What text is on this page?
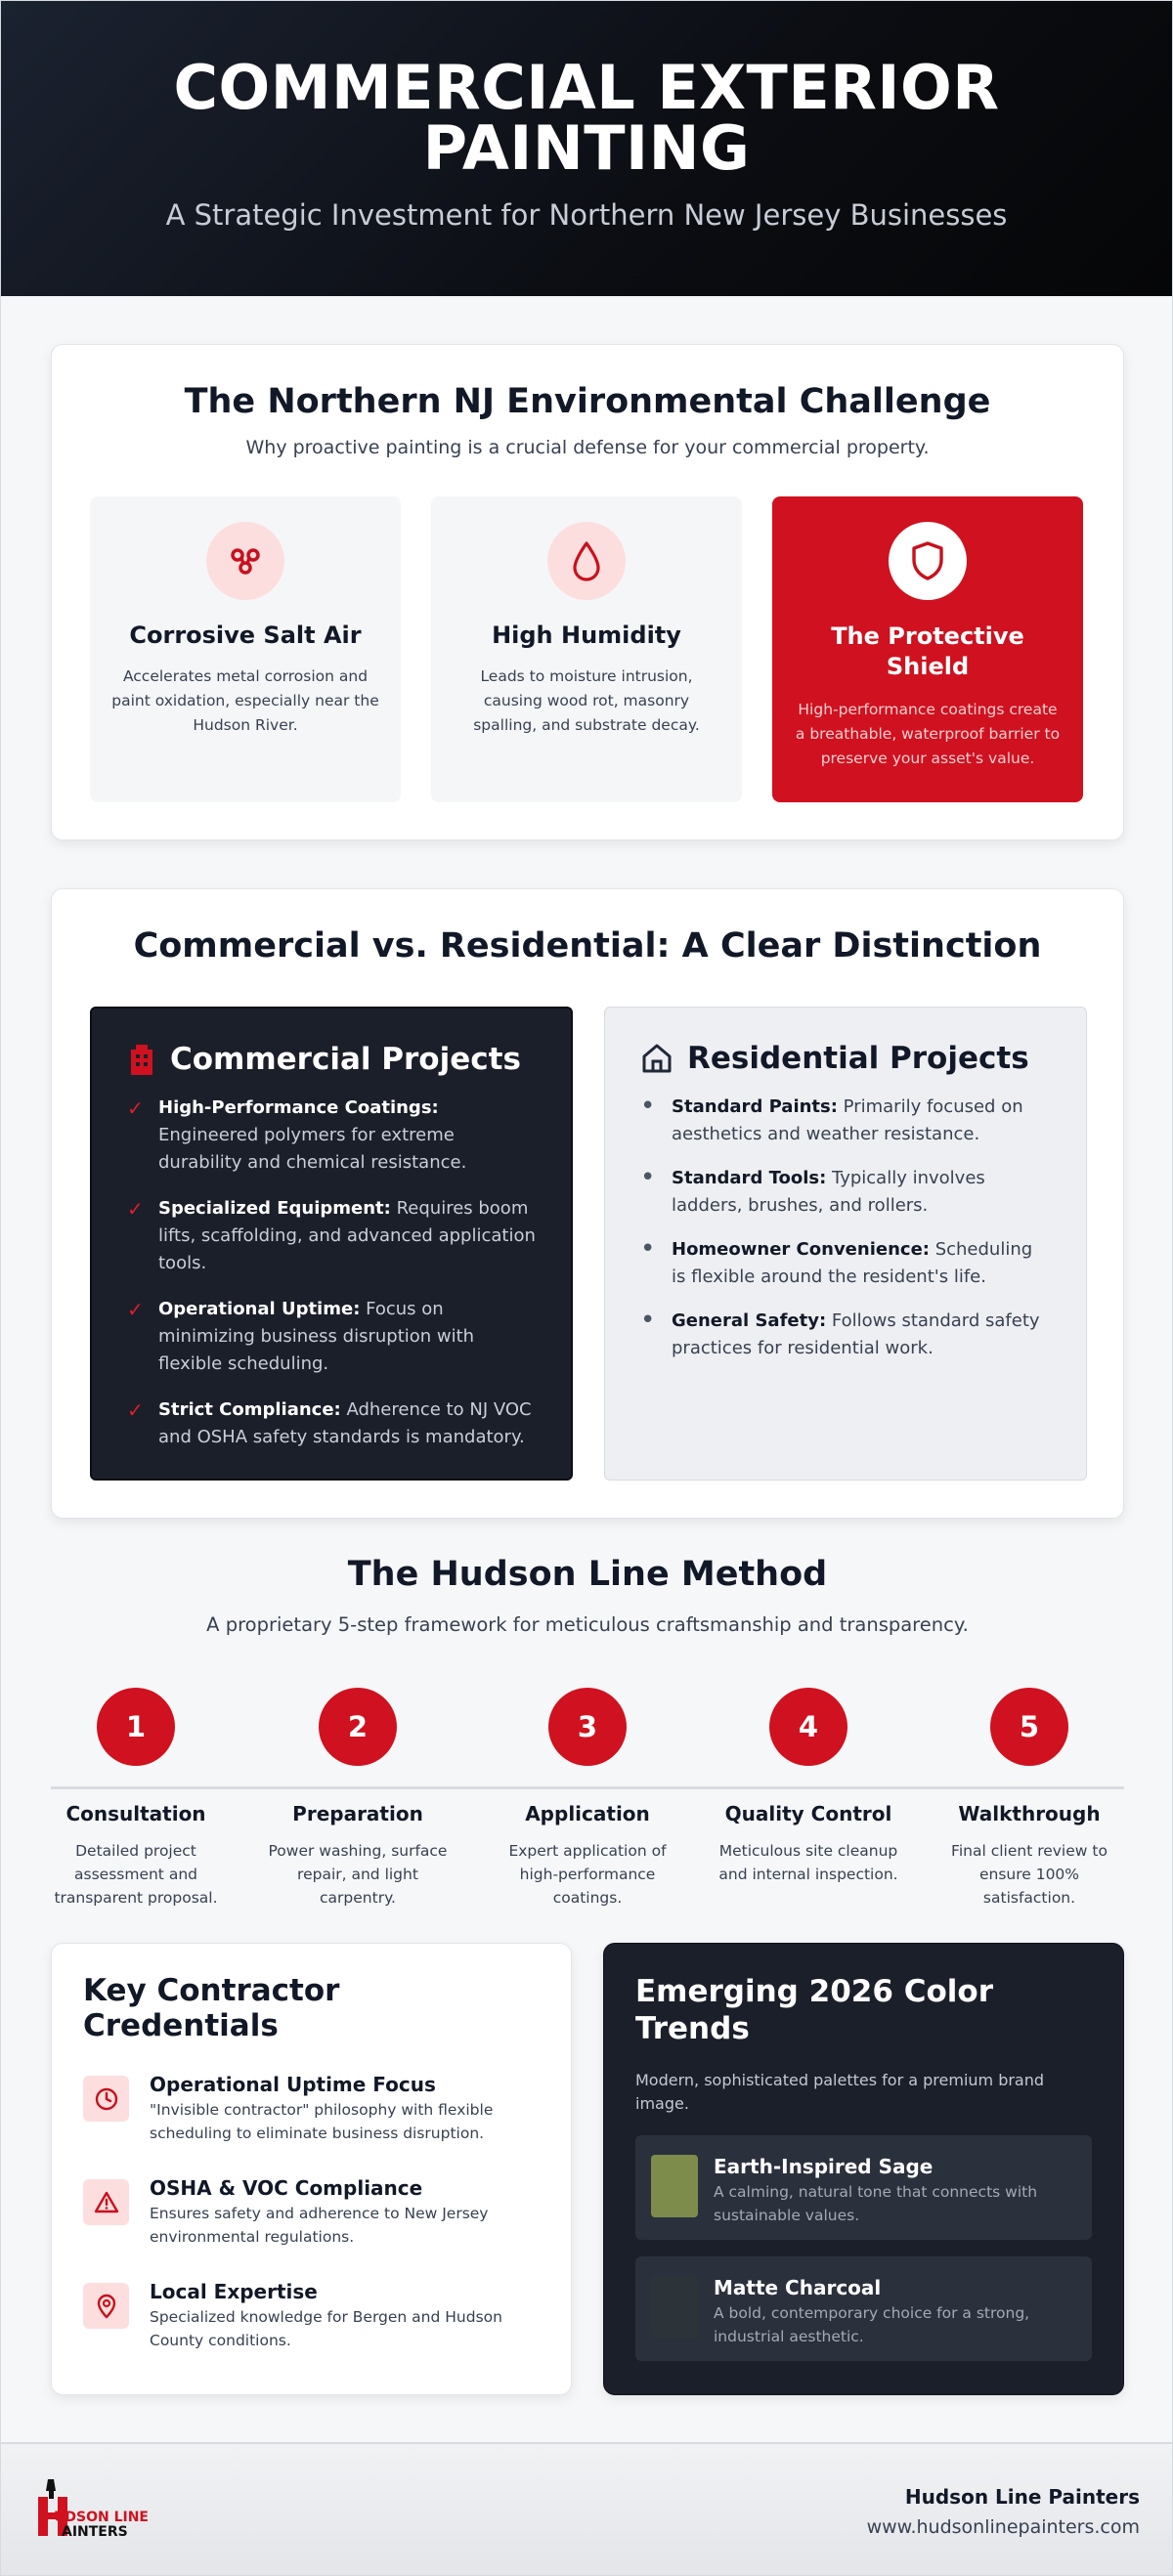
COMMERCIAL EXTERIOR PAINTING
A Strategic Investment for Northern New Jersey Businesses
The Northern NJ Environmental Challenge
Why proactive painting is a crucial defense for your commercial property.
Corrosive Salt Air

Accelerates metal corrosion and paint oxidation, especially near the Hudson River.

High Humidity

Leads to moisture intrusion, causing wood rot, masonry spalling, and substrate decay.

The Protective Shield

High-performance coatings create a breathable, waterproof barrier to preserve your asset's value.

Commercial vs. Residential: A Clear Distinction
Commercial Projects
✓ High-Performance Coatings: Engineered polymers for extreme durability and chemical resistance.
✓ Specialized Equipment: Requires boom lifts, scaffolding, and advanced application tools.
✓ Operational Uptime: Focus on minimizing business disruption with flexible scheduling.
✓ Strict Compliance: Adherence to NJ VOC and OSHA safety standards is mandatory.
Residential Projects
• Standard Paints: Primarily focused on aesthetics and weather resistance.
• Standard Tools: Typically involves ladders, brushes, and rollers.
• Homeowner Convenience: Scheduling is flexible around the resident's life.
• General Safety: Follows standard safety practices for residential work.
The Hudson Line Method
A proprietary 5-step framework for meticulous craftsmanship and transparency.
1
Consultation

Detailed project assessment and transparent proposal.

2
Preparation

Power washing, surface repair, and light carpentry.

3
Application

Expert application of high-performance coatings.

4
Quality Control

Meticulous site cleanup and internal inspection.

5
Walkthrough

Final client review to ensure 100% satisfaction.

Key Contractor Credentials
Operational Uptime Focus
"Invisible contractor" philosophy with flexible scheduling to eliminate business disruption.
OSHA & VOC Compliance
Ensures safety and adherence to New Jersey environmental regulations.
Local Expertise
Specialized knowledge for Bergen and Hudson County conditions.
Emerging 2026 Color Trends
Modern, sophisticated palettes for a premium brand image.
Earth-Inspired Sage
A calming, natural tone that connects with sustainable values.
Matte Charcoal
A bold, contemporary choice for a strong, industrial aesthetic.
UDSON LINE
AINTERS
Hudson Line Painters
www.hudsonlinepainters.com
